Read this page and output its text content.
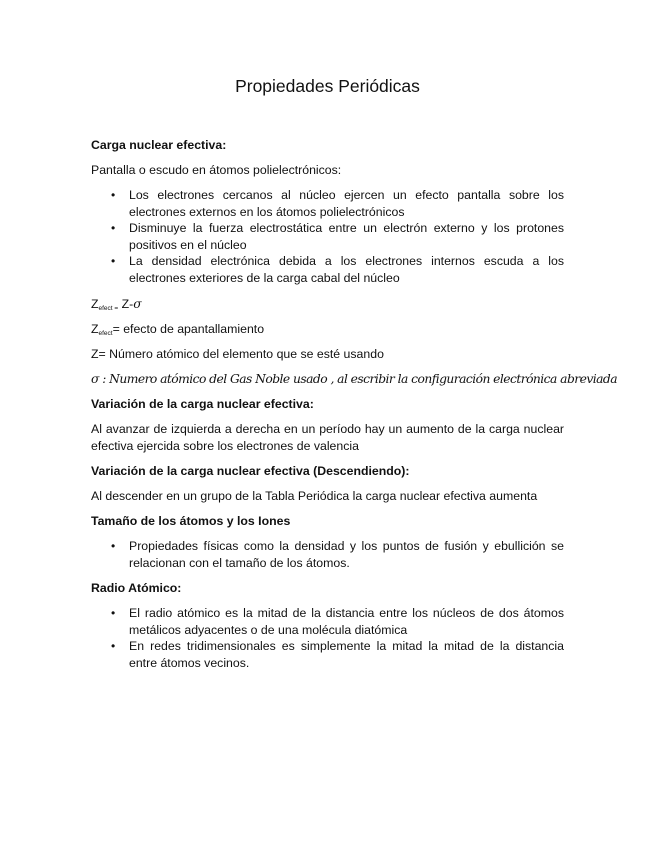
Propiedades Periódicas
Carga nuclear efectiva:
Pantalla o escudo en átomos polielectrónicos:
• Los electrones cercanos al núcleo ejercen un efecto pantalla sobre los electrones externos en los átomos polielectrónicos
• Disminuye la fuerza electrostática entre un electrón externo y los protones positivos en el núcleo
• La densidad electrónica debida a los electrones internos escuda a los electrones exteriores de la carga cabal del núcleo
$Z_{efect =}$ Z-σ
$Z_{efect}=$ efecto de apantallamiento
Z= Número atómico del elemento que se esté usando
σ : Numero atómico del Gas Noble usado , al escribir la configuración electrónica abreviada
Variación de la carga nuclear efectiva:
Al avanzar de izquierda a derecha en un período hay un aumento de la carga nuclear efectiva ejercida sobre los electrones de valencia
Variación de la carga nuclear efectiva (Descendiendo):
Al descender en un grupo de la Tabla Periódica la carga nuclear efectiva aumenta
Tamaño de los átomos y los Iones
• Propiedades físicas como la densidad y los puntos de fusión y ebullición se relacionan con el tamaño de los átomos.
Radio Atómico:
• El radio atómico es la mitad de la distancia entre los núcleos de dos átomos metálicos adyacentes o de una molécula diatómica
• En redes tridimensionales es simplemente la mitad la mitad de la distancia entre átomos vecinos.
